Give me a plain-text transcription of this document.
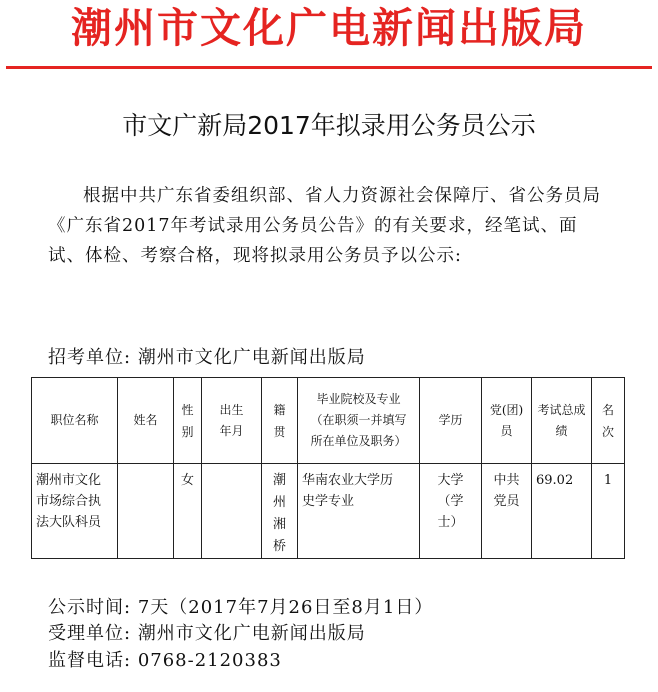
潮州市文化广电新闻出版局
市文广新局2017年拟录用公务员公示

根据中共广东省委组织部、省人力资源社会保障厅、省公务员局《广东省2017年考试录用公务员公告》的有关要求，经笔试、面试、体检、考察合格，现将拟录用公务员予以公示:

招考单位: 潮州市文化广电新闻出版局
职位名称	姓名	性别	出生年月	籍贯	毕业院校及专业（在职须一并填写所在单位及职务）	学历	党(团)员	考试总成绩	名次
潮州市文化市场综合执法大队科员		女		潮州湘桥	华南农业大学历史学专业	大学（学士）	中共党员	69.02	1
公示时间: 7天（2017年7月26日至8月1日）
受理单位: 潮州市文化广电新闻出版局
监督电话: 0768-2120383
